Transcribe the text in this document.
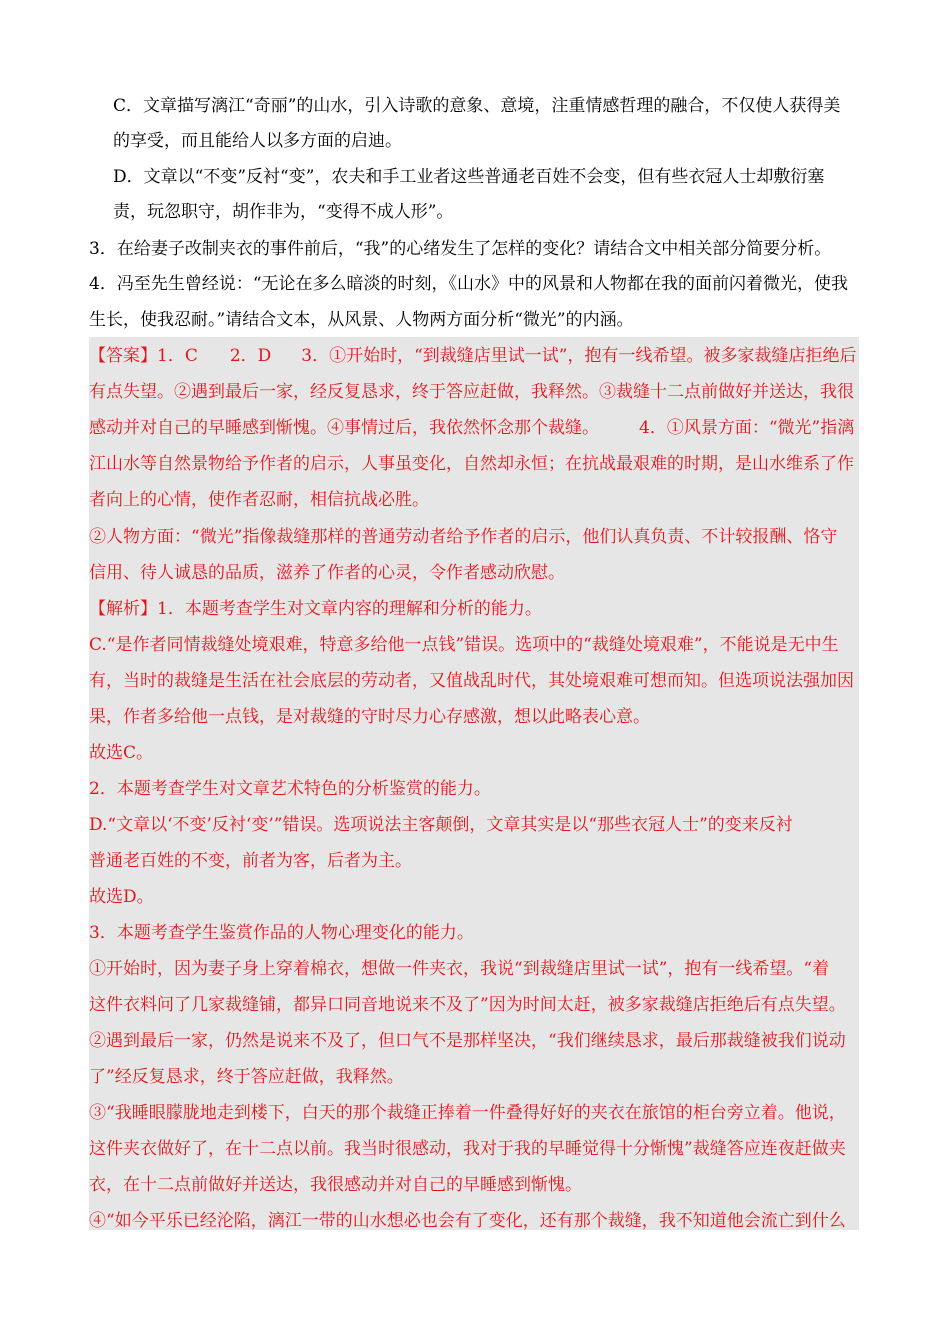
C．文章描写漓江“奇丽”的山水，引入诗歌的意象、意境，注重情感哲理的融合，不仅使人获得美
的享受，而且能给人以多方面的启迪。
D．文章以“不变”反衬“变”，农夫和手工业者这些普通老百姓不会变，但有些衣冠人士却敷衍塞
责，玩忽职守，胡作非为，“变得不成人形”。
3．在给妻子改制夹衣的事件前后，“我”的心绪发生了怎样的变化？请结合文中相关部分简要分析。
4．冯至先生曾经说：“无论在多么暗淡的时刻，《山水》中的风景和人物都在我的面前闪着微光，使我
生长，使我忍耐。”请结合文本，从风景、人物两方面分析“微光”的内涵。
【答案】1．C 2．D 3．①开始时，“到裁缝店里试一试”，抱有一线希望。被多家裁缝店拒绝后
有点失望。②遇到最后一家，经反复恳求，终于答应赶做，我释然。③裁缝十二点前做好并送达，我很
感动并对自己的早睡感到惭愧。④事情过后，我依然怀念那个裁缝。 4．①风景方面：“微光”指漓
江山水等自然景物给予作者的启示，人事虽变化，自然却永恒；在抗战最艰难的时期，是山水维系了作
者向上的心情，使作者忍耐，相信抗战必胜。
②人物方面：“微光”指像裁缝那样的普通劳动者给予作者的启示，他们认真负责、不计较报酬、恪守
信用、待人诚恳的品质，滋养了作者的心灵，令作者感动欣慰。
【解析】1．本题考查学生对文章内容的理解和分析的能力。
C.“是作者同情裁缝处境艰难，特意多给他一点钱”错误。选项中的“裁缝处境艰难”，不能说是无中生
有，当时的裁缝是生活在社会底层的劳动者，又值战乱时代，其处境艰难可想而知。但选项说法强加因
果，作者多给他一点钱，是对裁缝的守时尽力心存感激，想以此略表心意。
故选C。
2．本题考查学生对文章艺术特色的分析鉴赏的能力。
D.“文章以‘不变’反衬‘变’”错误。选项说法主客颠倒，文章其实是以“那些衣冠人士”的变来反衬
普通老百姓的不变，前者为客，后者为主。
故选D。
3．本题考查学生鉴赏作品的人物心理变化的能力。
①开始时，因为妻子身上穿着棉衣，想做一件夹衣，我说“到裁缝店里试一试”，抱有一线希望。“着
这件衣料问了几家裁缝铺，都异口同音地说来不及了”因为时间太赶，被多家裁缝店拒绝后有点失望。
②遇到最后一家，仍然是说来不及了，但口气不是那样坚决，“我们继续恳求，最后那裁缝被我们说动
了”经反复恳求，终于答应赶做，我释然。
③“我睡眼朦胧地走到楼下，白天的那个裁缝正捧着一件叠得好好的夹衣在旅馆的柜台旁立着。他说，
这件夹衣做好了，在十二点以前。我当时很感动，我对于我的早睡觉得十分惭愧”裁缝答应连夜赶做夹
衣，在十二点前做好并送达，我很感动并对自己的早睡感到惭愧。
④“如今平乐已经沦陷，漓江一带的山水想必也会有了变化，还有那个裁缝，我不知道他会流亡到什么
